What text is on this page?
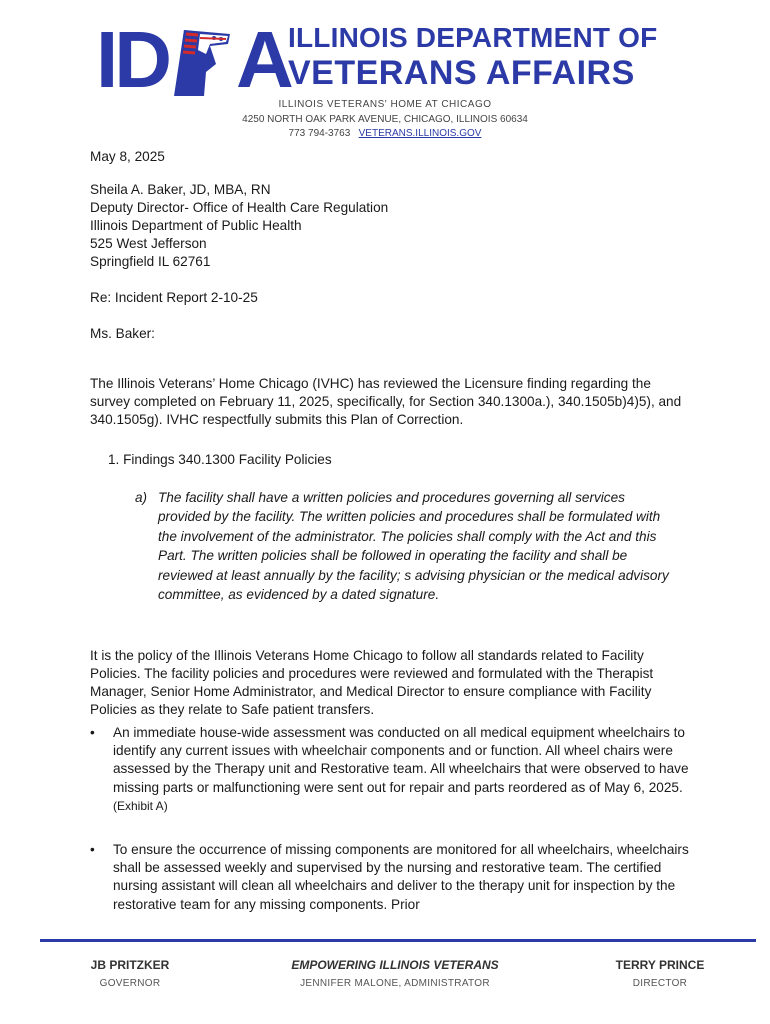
I D A
ILLINOIS DEPARTMENT OF
VETERANS AFFAIRS
ILLINOIS VETERANS' HOME AT CHICAGO
4250 NORTH OAK PARK AVENUE, CHICAGO, ILLINOIS 60634
773 794-3763 VETERANS.ILLINOIS.GOV
May 8, 2025
Sheila A. Baker, JD, MBA, RN
Deputy Director- Office of Health Care Regulation
Illinois Department of Public Health
525 West Jefferson
Springfield IL 62761
Re: Incident Report 2-10-25
Ms. Baker:

The Illinois Veterans’ Home Chicago (IVHC) has reviewed the Licensure finding regarding the survey completed on February 11, 2025, specifically, for Section 340.1300a.), 340.1505b)4)5), and 340.1505g). IVHC respectfully submits this Plan of Correction.

1. Findings 340.1300 Facility Policies
a) The facility shall have a written policies and procedures governing all services provided by the facility. The written policies and procedures shall be formulated with the involvement of the administrator. The policies shall comply with the Act and this Part. The written policies shall be followed in operating the facility and shall be reviewed at least annually by the facility; s advising physician or the medical advisory committee, as evidenced by a dated signature.

It is the policy of the Illinois Veterans Home Chicago to follow all standards related to Facility Policies. The facility policies and procedures were reviewed and formulated with the Therapist Manager, Senior Home Administrator, and Medical Director to ensure compliance with Facility Policies as they relate to Safe patient transfers.

• An immediate house-wide assessment was conducted on all medical equipment wheelchairs to identify any current issues with wheelchair components and or function. All wheel chairs were assessed by the Therapy unit and Restorative team. All wheelchairs that were observed to have missing parts or malfunctioning were sent out for repair and parts reordered as of May 6, 2025. (Exhibit A)
• To ensure the occurrence of missing components are monitored for all wheelchairs, wheelchairs shall be assessed weekly and supervised by the nursing and restorative team. The certified nursing assistant will clean all wheelchairs and deliver to the therapy unit for inspection by the restorative team for any missing components. Prior
JB PRITZKER
GOVERNOR
EMPOWERING ILLINOIS VETERANS
JENNIFER MALONE, ADMINISTRATOR
TERRY PRINCE
DIRECTOR
